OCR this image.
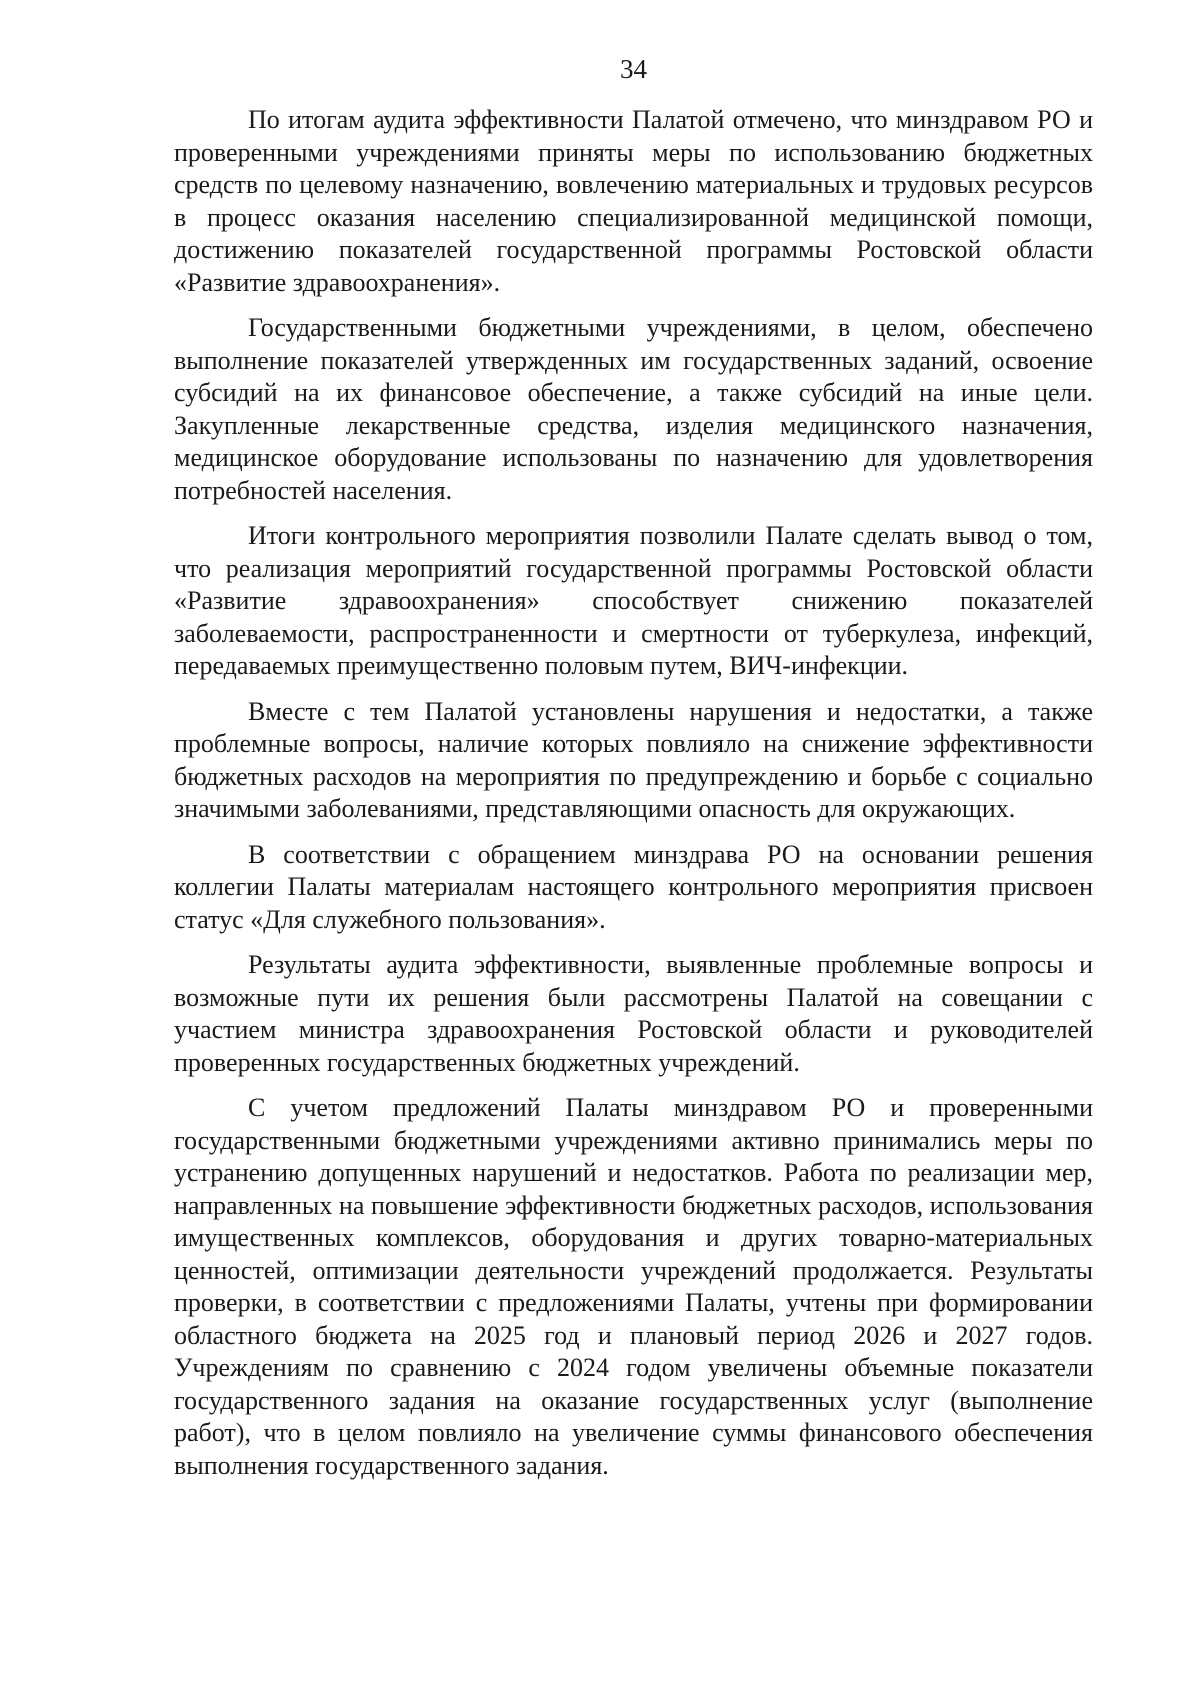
34

По итогам аудита эффективности Палатой отмечено, что минздравом РО и проверенными учреждениями приняты меры по использованию бюджетных средств по целевому назначению, вовлечению материальных и трудовых ресурсов в процесс оказания населению специализированной медицинской помощи, достижению показателей государственной программы Ростовской области «Развитие здравоохранения».

Государственными бюджетными учреждениями, в целом, обеспечено выполнение показателей утвержденных им государственных заданий, освоение субсидий на их финансовое обеспечение, а также субсидий на иные цели. Закупленные лекарственные средства, изделия медицинского назначения, медицинское оборудование использованы по назначению для удовлетворения потребностей населения.

Итоги контрольного мероприятия позволили Палате сделать вывод о том, что реализация мероприятий государственной программы Ростовской области «Развитие здравоохранения» способствует снижению показателей заболеваемости, распространенности и смертности от туберкулеза, инфекций, передаваемых преимущественно половым путем, ВИЧ-инфекции.

Вместе с тем Палатой установлены нарушения и недостатки, а также проблемные вопросы, наличие которых повлияло на снижение эффективности бюджетных расходов на мероприятия по предупреждению и борьбе с социально значимыми заболеваниями, представляющими опасность для окружающих.

В соответствии с обращением минздрава РО на основании решения коллегии Палаты материалам настоящего контрольного мероприятия присвоен статус «Для служебного пользования».

Результаты аудита эффективности, выявленные проблемные вопросы и возможные пути их решения были рассмотрены Палатой на совещании с участием министра здравоохранения Ростовской области и руководителей проверенных государственных бюджетных учреждений.

С учетом предложений Палаты минздравом РО и проверенными государственными бюджетными учреждениями активно принимались меры по устранению допущенных нарушений и недостатков. Работа по реализации мер, направленных на повышение эффективности бюджетных расходов, использования имущественных комплексов, оборудования и других товарно-материальных ценностей, оптимизации деятельности учреждений продолжается. Результаты проверки, в соответствии с предложениями Палаты, учтены при формировании областного бюджета на 2025 год и плановый период 2026 и 2027 годов. Учреждениям по сравнению с 2024 годом увеличены объемные показатели государственного задания на оказание государственных услуг (выполнение работ), что в целом повлияло на увеличение суммы финансового обеспечения выполнения государственного задания.
